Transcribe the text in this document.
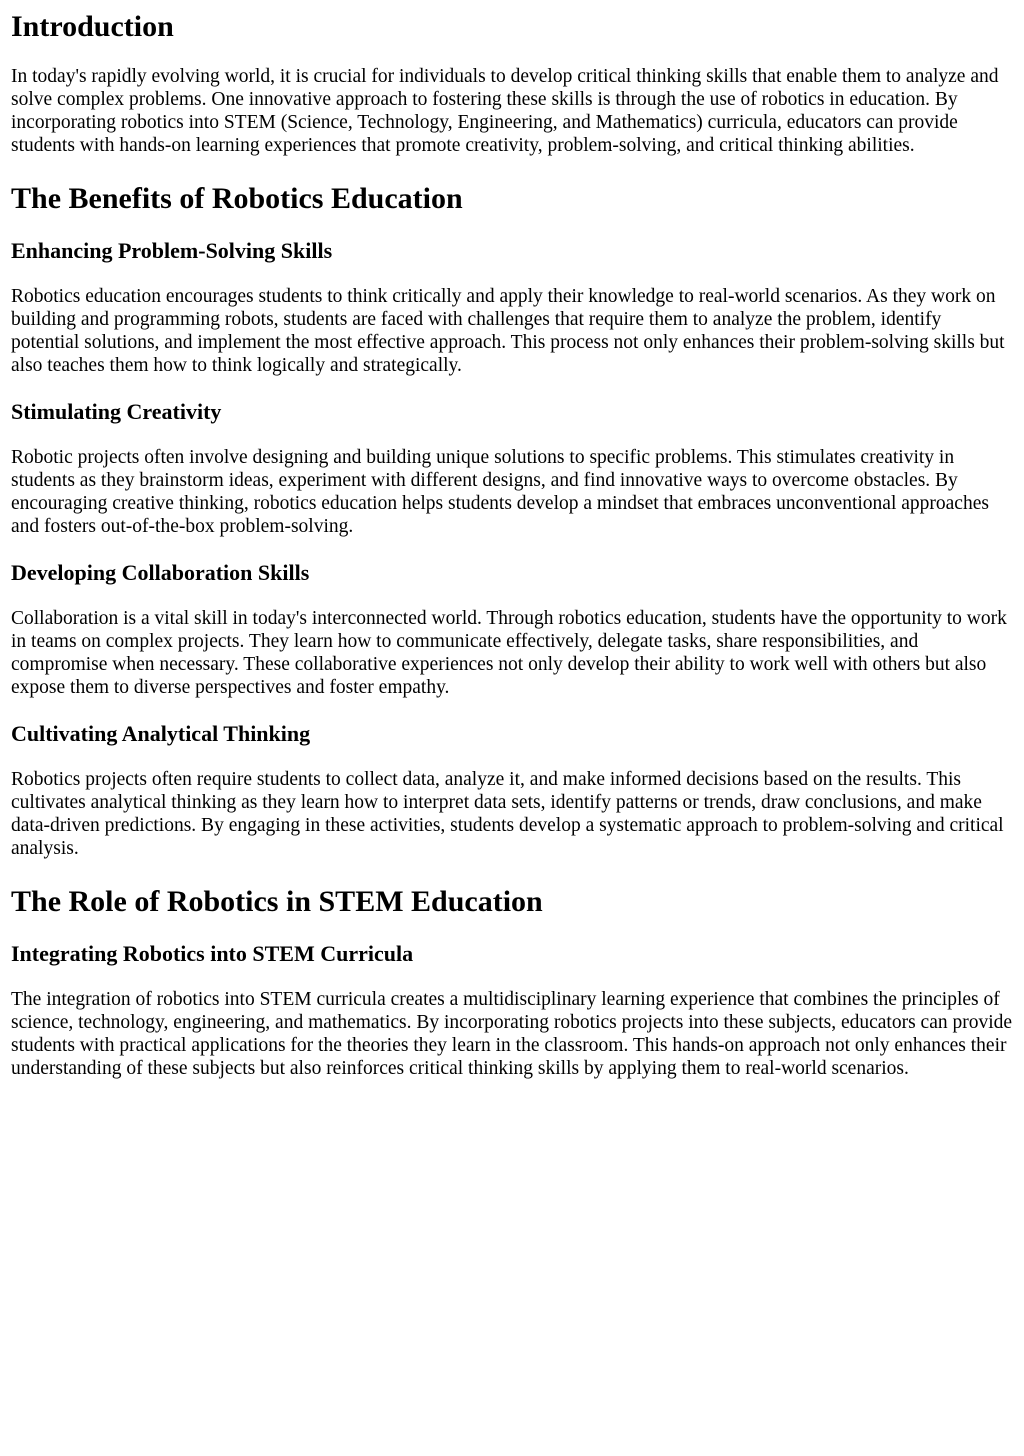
Introduction

In today's rapidly evolving world, it is crucial for individuals to develop critical thinking skills that enable them to analyze and solve complex problems. One innovative approach to fostering these skills is through the use of robotics in education. By incorporating robotics into STEM (Science, Technology, Engineering, and Mathematics) curricula, educators can provide students with hands-on learning experiences that promote creativity, problem-solving, and critical thinking abilities.

The Benefits of Robotics Education
Enhancing Problem-Solving Skills

Robotics education encourages students to think critically and apply their knowledge to real-world scenarios. As they work on building and programming robots, students are faced with challenges that require them to analyze the problem, identify potential solutions, and implement the most effective approach. This process not only enhances their problem-solving skills but also teaches them how to think logically and strategically.

Stimulating Creativity

Robotic projects often involve designing and building unique solutions to specific problems. This stimulates creativity in students as they brainstorm ideas, experiment with different designs, and find innovative ways to overcome obstacles. By encouraging creative thinking, robotics education helps students develop a mindset that embraces unconventional approaches and fosters out-of-the-box problem-solving.

Developing Collaboration Skills

Collaboration is a vital skill in today's interconnected world. Through robotics education, students have the opportunity to work in teams on complex projects. They learn how to communicate effectively, delegate tasks, share responsibilities, and compromise when necessary. These collaborative experiences not only develop their ability to work well with others but also expose them to diverse perspectives and foster empathy.

Cultivating Analytical Thinking

Robotics projects often require students to collect data, analyze it, and make informed decisions based on the results. This cultivates analytical thinking as they learn how to interpret data sets, identify patterns or trends, draw conclusions, and make data-driven predictions. By engaging in these activities, students develop a systematic approach to problem-solving and critical analysis.

The Role of Robotics in STEM Education
Integrating Robotics into STEM Curricula

The integration of robotics into STEM curricula creates a multidisciplinary learning experience that combines the principles of science, technology, engineering, and mathematics. By incorporating robotics projects into these subjects, educators can provide students with practical applications for the theories they learn in the classroom. This hands-on approach not only enhances their understanding of these subjects but also reinforces critical thinking skills by applying them to real-world scenarios.
